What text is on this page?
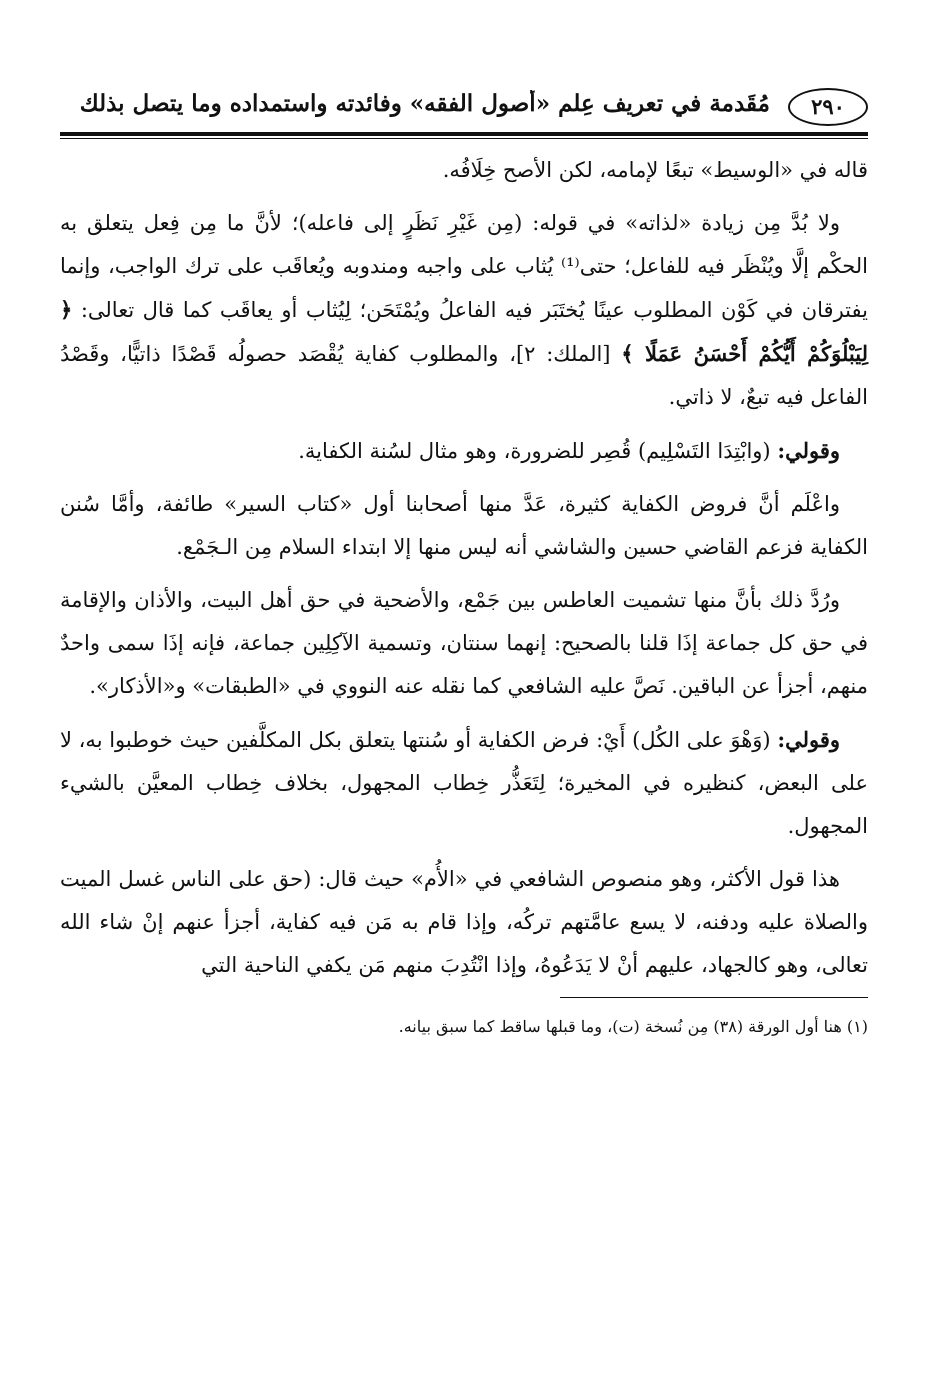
٢٩٠
مُقَدمة في تعريف عِلم «أصول الفقه» وفائدته واستمداده وما يتصل بذلك

قاله في «الوسيط» تبعًا لإمامه، لكن الأصح خِلَافُه.

ولا بُدَّ مِن زيادة «لذاته» في قوله: (مِن غَيْرِ نَظَرٍ إلى فاعله)؛ لأنَّ ما مِن فِعل يتعلق به الحكْم إلَّا ويُنْظَر فيه للفاعل؛ حتى⁽¹⁾ يُثاب على واجبه ومندوبه ويُعاقَب على ترك الواجب، وإنما يفترقان في كَوْن المطلوب عينًا يُختَبَر فيه الفاعلُ ويُمْتَحَن؛ لِيُثاب أو يعاقَب كما قال تعالى: ﴿ لِيَبْلُوَكُمْ أَيُّكُمْ أَحْسَنُ عَمَلًا ﴾ [الملك: ٢]، والمطلوب كفاية يُقْصَد حصولُه قَصْدًا ذاتيًّا، وقَصْدُ الفاعل فيه تبعٌ، لا ذاتي.

وقولي: (وابْتِدَا التَسْلِيم) قُصِر للضرورة، وهو مثال لسُنة الكفاية.

واعْلَم أنَّ فروض الكفاية كثيرة، عَدَّ منها أصحابنا أول «كتاب السير» طائفة، وأمَّا سُنن الكفاية فزعم القاضي حسين والشاشي أنه ليس منها إلا ابتداء السلام مِن الـجَمْع.

ورُدَّ ذلك بأنَّ منها تشميت العاطس بين جَمْع، والأضحية في حق أهل البيت، والأذان والإقامة في حق كل جماعة إذَا قلنا بالصحيح: إنهما سنتان، وتسمية الآكِلِين جماعة، فإنه إذَا سمى واحدٌ منهم، أجزأ عن الباقين. نَصَّ عليه الشافعي كما نقله عنه النووي في «الطبقات» و«الأذكار».

وقولي: (وَهْوَ على الكُل) أَيْ: فرض الكفاية أو سُنتها يتعلق بكل المكلَّفين حيث خوطبوا به، لا على البعض، كنظيره في المخيرة؛ لِتَعَذُّر خِطاب المجهول، بخلاف خِطاب المعيَّن بالشيء المجهول.

هذا قول الأكثر، وهو منصوص الشافعي في «الأُم» حيث قال: (حق على الناس غسل الميت والصلاة عليه ودفنه، لا يسع عامَّتهم تركُه، وإذا قام به مَن فيه كفاية، أجزأ عنهم إنْ شاء الله تعالى، وهو كالجهاد، عليهم أنْ لا يَدَعُوهُ، وإذا انْتُدِبَ منهم مَن يكفي الناحية التي

(١) هنا أول الورقة (٣٨) مِن نُسخة (ت)، وما قبلها ساقط كما سبق بيانه.
